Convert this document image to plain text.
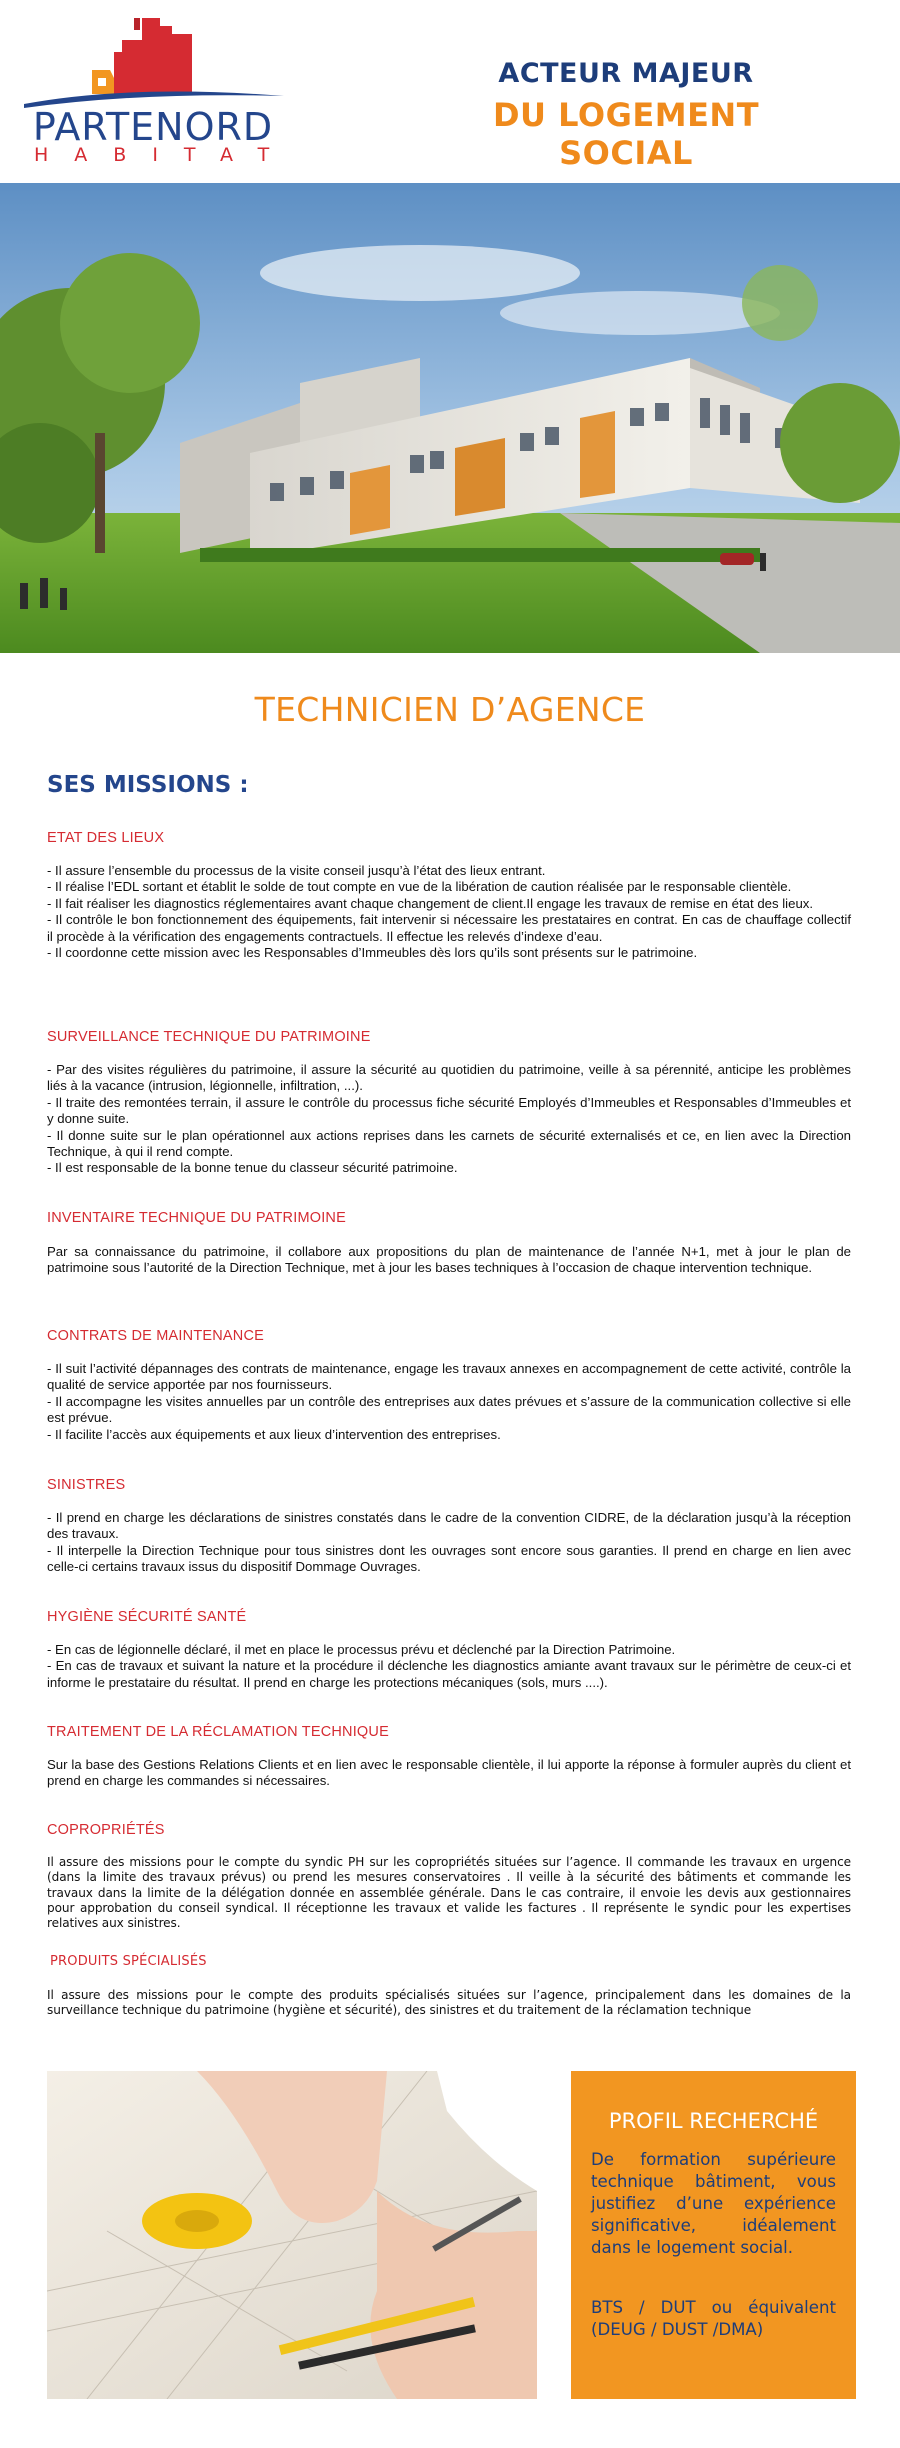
PARTENORD
HABITAT
ACTEUR MAJEUR
DU LOGEMENT SOCIAL
TECHNICIEN D’AGENCE
SES MISSIONS :
ETAT DES LIEUX

- Il assure l’ensemble du processus de la visite conseil jusqu’à l’état des lieux entrant.

- Il réalise l’EDL sortant et établit le solde de tout compte en vue de la libération de caution réalisée par le responsable clientèle.

- Il fait réaliser les diagnostics réglementaires avant chaque changement de client.Il engage les travaux de remise en état des lieux.

- Il contrôle le bon fonctionnement des équipements, fait intervenir si nécessaire les prestataires en contrat. En cas de chauffage collectif il procède à la vérification des engagements contractuels. Il effectue les relevés d’indexe d’eau.

- Il coordonne cette mission avec les Responsables d’Immeubles dès lors qu’ils sont présents sur le patrimoine.

SURVEILLANCE TECHNIQUE DU PATRIMOINE

- Par des visites régulières du patrimoine, il assure la sécurité au quotidien du patrimoine, veille à sa pérennité, anticipe les problèmes liés à la vacance (intrusion, légionnelle, infiltration, ...).

- Il traite des remontées terrain, il assure le contrôle du processus fiche sécurité Employés d’Immeubles et Responsables d’Immeubles et y donne suite.

- Il donne suite sur le plan opérationnel aux actions reprises dans les carnets de sécurité externalisés et ce, en lien avec la Direction Technique, à qui il rend compte.

- Il est responsable de la bonne tenue du classeur sécurité patrimoine.

INVENTAIRE TECHNIQUE DU PATRIMOINE

Par sa connaissance du patrimoine, il collabore aux propositions du plan de maintenance de l’année N+1, met à jour le plan de patrimoine sous l’autorité de la Direction Technique, met à jour les bases techniques à l’occasion de chaque intervention technique.

CONTRATS DE MAINTENANCE

- Il suit l’activité dépannages des contrats de maintenance, engage les travaux annexes en accompagnement de cette activité, contrôle la qualité de service apportée par nos fournisseurs.

- Il accompagne les visites annuelles par un contrôle des entreprises aux dates prévues et s’assure de la communication collective si elle est prévue.

- Il facilite l’accès aux équipements et aux lieux d’intervention des entreprises.

SINISTRES

- Il prend en charge les déclarations de sinistres constatés dans le cadre de la convention CIDRE, de la déclaration jusqu’à la réception des travaux.

- Il interpelle la Direction Technique pour tous sinistres dont les ouvrages sont encore sous garanties. Il prend en charge en lien avec celle-ci certains travaux issus du dispositif Dommage Ouvrages.

HYGIÈNE SÉCURITÉ SANTÉ

- En cas de légionnelle déclaré, il met en place le processus prévu et déclenché par la Direction Patrimoine.

- En cas de travaux et suivant la nature et la procédure il déclenche les diagnostics amiante avant travaux sur le périmètre de ceux-ci et informe le prestataire du résultat. Il prend en charge les protections mécaniques (sols, murs ....).

TRAITEMENT DE LA RÉCLAMATION TECHNIQUE

Sur la base des Gestions Relations Clients et en lien avec le responsable clientèle, il lui apporte la réponse à formuler auprès du client et prend en charge les commandes si nécessaires.

COPROPRIÉTÉS

Il assure des missions pour le compte du syndic PH sur les copropriétés situées sur l’agence. Il commande les travaux en urgence (dans la limite des travaux prévus) ou prend les mesures conservatoires . Il veille à la sécurité des bâtiments et commande les travaux dans la limite de la délégation donnée en assemblée générale. Dans le cas contraire, il envoie les devis aux gestionnaires pour approbation du conseil syndical. Il réceptionne les travaux et valide les factures . Il représente le syndic pour les expertises relatives aux sinistres.

PRODUITS SPÉCIALISÉS

Il assure des missions pour le compte des produits spécialisés situées sur l’agence, principalement dans les domaines de la surveillance technique du patrimoine (hygiène et sécurité), des sinistres et du traitement de la réclamation technique

PROFIL RECHERCHÉ
De formation supérieure technique bâtiment, vous justifiez d’une expérience significative, idéalement dans le logement social.
BTS / DUT ou équivalent (DEUG / DUST /DMA)
